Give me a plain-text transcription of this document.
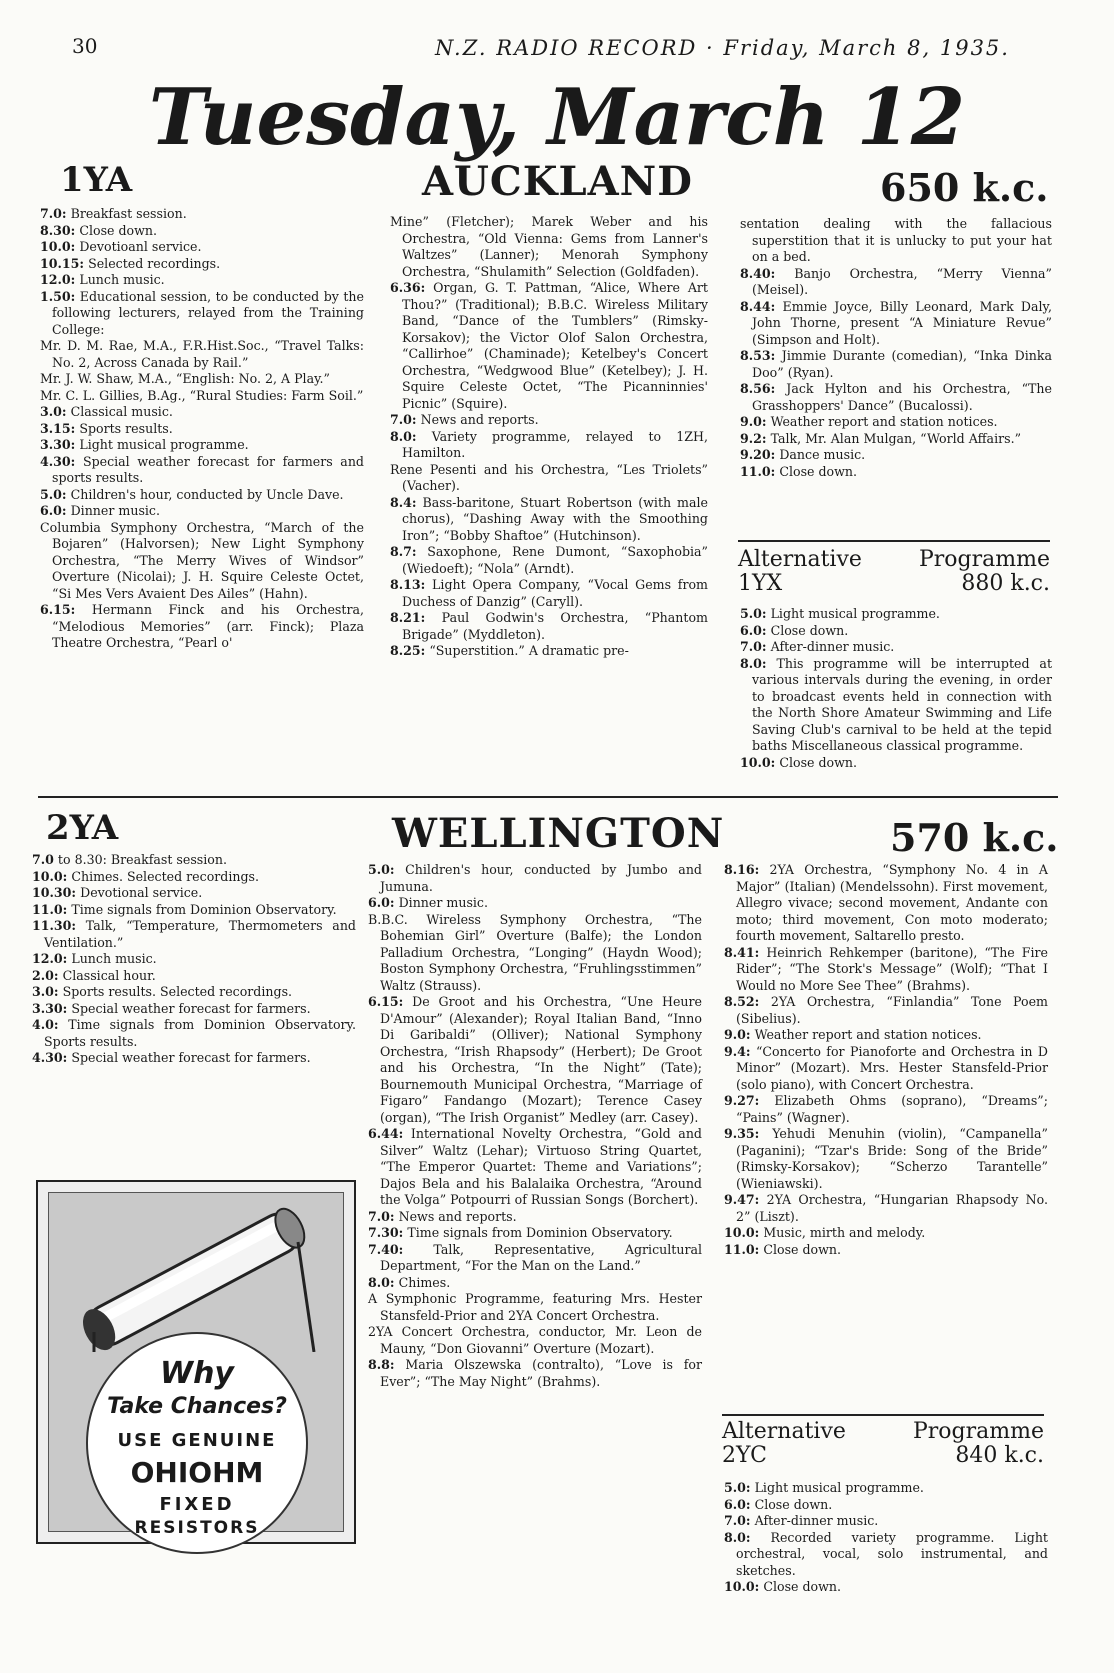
30	N.Z. RADIO RECORD · Friday, March 8, 1935.
Tuesday, March 12
1YA	AUCKLAND	650 k.c.

7.0: Breakfast session.

8.30: Close down.

10.0: Devotioanl service.

10.15: Selected recordings.

12.0: Lunch music.

1.50: Educational session, to be conducted by the following lecturers, relayed from the Training College:

Mr. D. M. Rae, M.A., F.R.Hist.Soc., “Travel Talks: No. 2, Across Canada by Rail.”

Mr. J. W. Shaw, M.A., “English: No. 2, A Play.”

Mr. C. L. Gillies, B.Ag., “Rural Studies: Farm Soil.”

3.0: Classical music.

3.15: Sports results.

3.30: Light musical programme.

4.30: Special weather forecast for farmers and sports results.

5.0: Children's hour, conducted by Uncle Dave.

6.0: Dinner music.

Columbia Symphony Orchestra, “March of the Bojaren” (Halvorsen); New Light Symphony Orchestra, “The Merry Wives of Windsor” Overture (Nicolai); J. H. Squire Celeste Octet, “Si Mes Vers Avaient Des Ailes” (Hahn).

6.15: Hermann Finck and his Orchestra, “Melodious Memories” (arr. Finck); Plaza Theatre Orchestra, “Pearl o'

Mine” (Fletcher); Marek Weber and his Orchestra, “Old Vienna: Gems from Lanner's Waltzes” (Lanner); Menorah Symphony Orchestra, “Shulamith” Selection (Goldfaden).

6.36: Organ, G. T. Pattman, “Alice, Where Art Thou?” (Traditional); B.B.C. Wireless Military Band, “Dance of the Tumblers” (Rimsky-Korsakov); the Victor Olof Salon Orchestra, “Callirhoe” (Chaminade); Ketelbey's Concert Orchestra, “Wedgwood Blue” (Ketelbey); J. H. Squire Celeste Octet, “The Picanninnies' Picnic” (Squire).

7.0: News and reports.

8.0: Variety programme, relayed to 1ZH, Hamilton.

Rene Pesenti and his Orchestra, “Les Triolets” (Vacher).

8.4: Bass-baritone, Stuart Robertson (with male chorus), “Dashing Away with the Smoothing Iron”; “Bobby Shaftoe” (Hutchinson).

8.7: Saxophone, Rene Dumont, “Saxophobia” (Wiedoeft); “Nola” (Arndt).

8.13: Light Opera Company, “Vocal Gems from Duchess of Danzig” (Caryll).

8.21: Paul Godwin's Orchestra, “Phantom Brigade” (Myddleton).

8.25: “Superstition.” A dramatic pre-

sentation dealing with the fallacious superstition that it is unlucky to put your hat on a bed.

8.40: Banjo Orchestra, “Merry Vienna” (Meisel).

8.44: Emmie Joyce, Billy Leonard, Mark Daly, John Thorne, present “A Miniature Revue” (Simpson and Holt).

8.53: Jimmie Durante (comedian), “Inka Dinka Doo” (Ryan).

8.56: Jack Hylton and his Orchestra, “The Grasshoppers' Dance” (Bucalossi).

9.0: Weather report and station notices.

9.2: Talk, Mr. Alan Mulgan, “World Affairs.”

9.20: Dance music.

11.0: Close down.

Alternative	Programme
1YX	880 k.c.

5.0: Light musical programme.

6.0: Close down.

7.0: After-dinner music.

8.0: This programme will be interrupted at various intervals during the evening, in order to broadcast events held in connection with the North Shore Amateur Swimming and Life Saving Club's carnival to be held at the tepid baths Miscellaneous classical programme.

10.0: Close down.

2YA	WELLINGTON	570 k.c.

7.0 to 8.30: Breakfast session.

10.0: Chimes. Selected recordings.

10.30: Devotional service.

11.0: Time signals from Dominion Observatory.

11.30: Talk, “Temperature, Thermometers and Ventilation.”

12.0: Lunch music.

2.0: Classical hour.

3.0: Sports results. Selected recordings.

3.30: Special weather forecast for farmers.

4.0: Time signals from Dominion Observatory. Sports results.

4.30: Special weather forecast for farmers.

5.0: Children's hour, conducted by Jumbo and Jumuna.

6.0: Dinner music.

B.B.C. Wireless Symphony Orchestra, “The Bohemian Girl” Overture (Balfe); the London Palladium Orchestra, “Longing” (Haydn Wood); Boston Symphony Orchestra, “Fruhlingsstimmen” Waltz (Strauss).

6.15: De Groot and his Orchestra, “Une Heure D'Amour” (Alexander); Royal Italian Band, “Inno Di Garibaldi” (Olliver); National Symphony Orchestra, “Irish Rhapsody” (Herbert); De Groot and his Orchestra, “In the Night” (Tate); Bournemouth Municipal Orchestra, “Marriage of Figaro” Fandango (Mozart); Terence Casey (organ), “The Irish Organist” Medley (arr. Casey).

6.44: International Novelty Orchestra, “Gold and Silver” Waltz (Lehar); Virtuoso String Quartet, “The Emperor Quartet: Theme and Variations”; Dajos Bela and his Balalaika Orchestra, “Around the Volga” Potpourri of Russian Songs (Borchert).

7.0: News and reports.

7.30: Time signals from Dominion Observatory.

7.40: Talk, Representative, Agricultural Department, “For the Man on the Land.”

8.0: Chimes.

A Symphonic Programme, featuring Mrs. Hester Stansfeld-Prior and 2YA Concert Orchestra.

2YA Concert Orchestra, conductor, Mr. Leon de Mauny, “Don Giovanni” Overture (Mozart).

8.8: Maria Olszewska (contralto), “Love is for Ever”; “The May Night” (Brahms).

8.16: 2YA Orchestra, “Symphony No. 4 in A Major” (Italian) (Mendelssohn). First movement, Allegro vivace; second movement, Andante con moto; third movement, Con moto moderato; fourth movement, Saltarello presto.

8.41: Heinrich Rehkemper (baritone), “The Fire Rider”; “The Stork's Message” (Wolf); “That I Would no More See Thee” (Brahms).

8.52: 2YA Orchestra, “Finlandia” Tone Poem (Sibelius).

9.0: Weather report and station notices.

9.4: “Concerto for Pianoforte and Orchestra in D Minor” (Mozart). Mrs. Hester Stansfeld-Prior (solo piano), with Concert Orchestra.

9.27: Elizabeth Ohms (soprano), “Dreams”; “Pains” (Wagner).

9.35: Yehudi Menuhin (violin), “Campanella” (Paganini); “Tzar's Bride: Song of the Bride” (Rimsky-Korsakov); “Scherzo Tarantelle” (Wieniawski).

9.47: 2YA Orchestra, “Hungarian Rhapsody No. 2” (Liszt).

10.0: Music, mirth and melody.

11.0: Close down.

Alternative	Programme
2YC	840 k.c.

5.0: Light musical programme.

6.0: Close down.

7.0: After-dinner music.

8.0: Recorded variety programme. Light orchestral, vocal, solo instrumental, and sketches.

10.0: Close down.

Why
Take Chances?
USE GENUINE
OHIOHM
FIXED
RESISTORS
